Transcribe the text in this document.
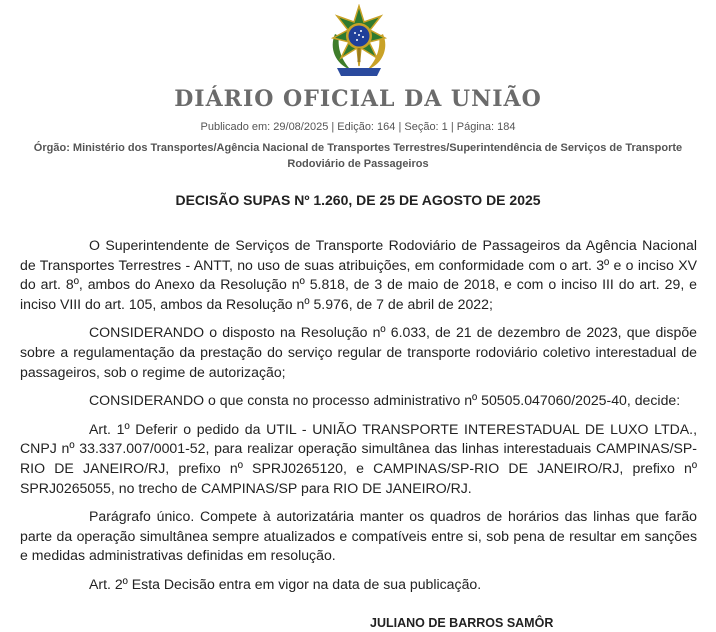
DIÁRIO OFICIAL DA UNIÃO
Publicado em: 29/08/2025 | Edição: 164 | Seção: 1 | Página: 184
Órgão: Ministério dos Transportes/Agência Nacional de Transportes Terrestres/Superintendência de Serviços de Transporte Rodoviário de Passageiros
DECISÃO SUPAS Nº 1.260, DE 25 DE AGOSTO DE 2025

O Superintendente de Serviços de Transporte Rodoviário de Passageiros da Agência Nacional de Transportes Terrestres - ANTT, no uso de suas atribuições, em conformidade com o art. 3º e o inciso XV do art. 8º, ambos do Anexo da Resolução nº 5.818, de 3 de maio de 2018, e com o inciso III do art. 29, e inciso VIII do art. 105, ambos da Resolução nº 5.976, de 7 de abril de 2022;

CONSIDERANDO o disposto na Resolução nº 6.033, de 21 de dezembro de 2023, que dispõe sobre a regulamentação da prestação do serviço regular de transporte rodoviário coletivo interestadual de passageiros, sob o regime de autorização;

CONSIDERANDO o que consta no processo administrativo nº 50505.047060/2025-40, decide:

Art. 1º Deferir o pedido da UTIL - UNIÃO TRANSPORTE INTERESTADUAL DE LUXO LTDA., CNPJ nº 33.337.007/0001-52, para realizar operação simultânea das linhas interestaduais CAMPINAS/SP-RIO DE JANEIRO/RJ, prefixo nº SPRJ0265120, e CAMPINAS/SP-RIO DE JANEIRO/RJ, prefixo nº SPRJ0265055, no trecho de CAMPINAS/SP para RIO DE JANEIRO/RJ.

Parágrafo único. Compete à autorizatária manter os quadros de horários das linhas que farão parte da operação simultânea sempre atualizados e compatíveis entre si, sob pena de resultar em sanções e medidas administrativas definidas em resolução.

Art. 2º Esta Decisão entra em vigor na data de sua publicação.

JULIANO DE BARROS SAMÔR
